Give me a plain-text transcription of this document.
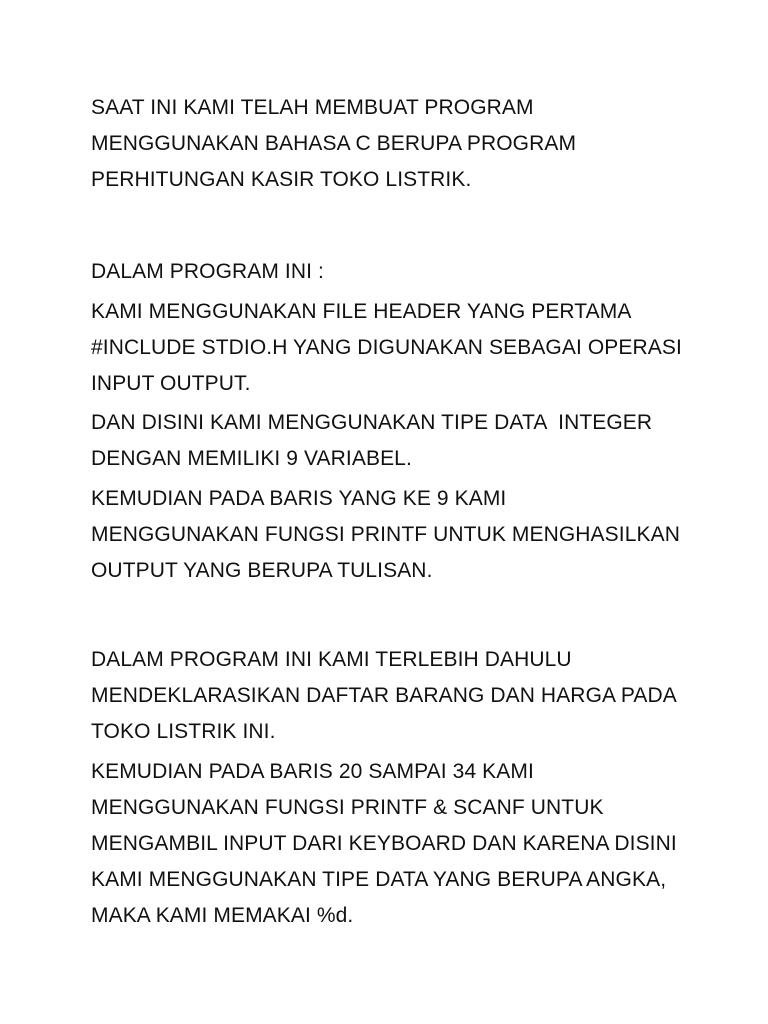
SAAT INI KAMI TELAH MEMBUAT PROGRAM
MENGGUNAKAN BAHASA C BERUPA PROGRAM
PERHITUNGAN KASIR TOKO LISTRIK.
DALAM PROGRAM INI :
KAMI MENGGUNAKAN FILE HEADER YANG PERTAMA
#INCLUDE STDIO.H YANG DIGUNAKAN SEBAGAI OPERASI
INPUT OUTPUT.
DAN DISINI KAMI MENGGUNAKAN TIPE DATA  INTEGER
DENGAN MEMILIKI 9 VARIABEL.
KEMUDIAN PADA BARIS YANG KE 9 KAMI
MENGGUNAKAN FUNGSI PRINTF UNTUK MENGHASILKAN
OUTPUT YANG BERUPA TULISAN.
DALAM PROGRAM INI KAMI TERLEBIH DAHULU
MENDEKLARASIKAN DAFTAR BARANG DAN HARGA PADA
TOKO LISTRIK INI.
KEMUDIAN PADA BARIS 20 SAMPAI 34 KAMI
MENGGUNAKAN FUNGSI PRINTF & SCANF UNTUK
MENGAMBIL INPUT DARI KEYBOARD DAN KARENA DISINI
KAMI MENGGUNAKAN TIPE DATA YANG BERUPA ANGKA,
MAKA KAMI MEMAKAI %d.
